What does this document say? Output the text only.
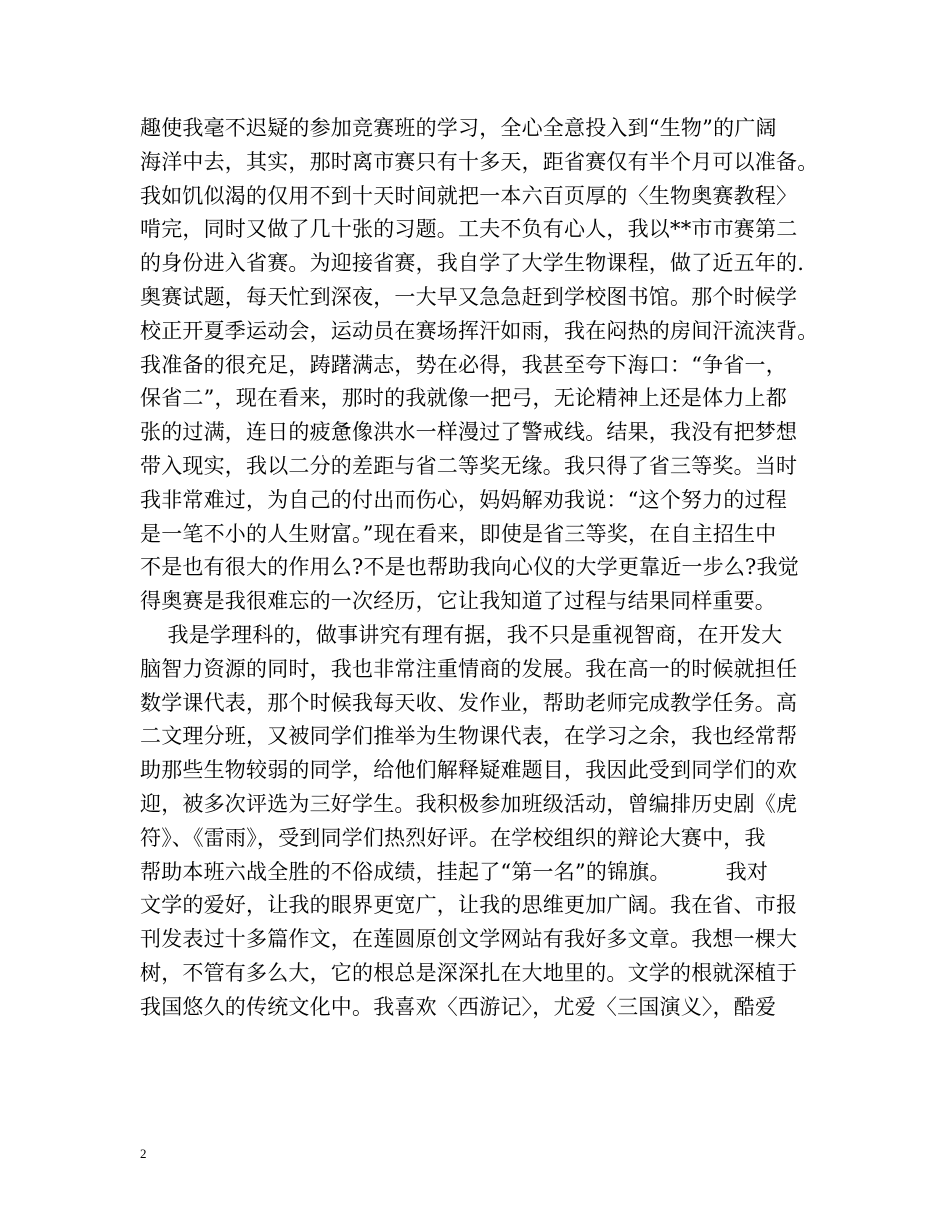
趣使我毫不迟疑的参加竞赛班的学习，全心全意投入到“生物”的广阔
海洋中去，其实，那时离市赛只有十多天，距省赛仅有半个月可以准备。
我如饥似渴的仅用不到十天时间就把一本六百页厚的〈生物奥赛教程〉
啃完，同时又做了几十张的习题。工夫不负有心人，我以**市市赛第二
的身份进入省赛。为迎接省赛，我自学了大学生物课程，做了近五年的.
奥赛试题，每天忙到深夜，一大早又急急赶到学校图书馆。那个时候学
校正开夏季运动会，运动员在赛场挥汗如雨，我在闷热的房间汗流浃背。
我准备的很充足，踌躇满志，势在必得，我甚至夸下海口：“争省一，
保省二”，现在看来，那时的我就像一把弓，无论精神上还是体力上都
张的过满，连日的疲惫像洪水一样漫过了警戒线。结果，我没有把梦想
带入现实，我以二分的差距与省二等奖无缘。我只得了省三等奖。当时
我非常难过，为自己的付出而伤心，妈妈解劝我说：“这个努力的过程
是一笔不小的人生财富。”现在看来，即使是省三等奖，在自主招生中
不是也有很大的作用么?不是也帮助我向心仪的大学更靠近一步么?我觉
得奥赛是我很难忘的一次经历，它让我知道了过程与结果同样重要。
我是学理科的，做事讲究有理有据，我不只是重视智商，在开发大
脑智力资源的同时，我也非常注重情商的发展。我在高一的时候就担任
数学课代表，那个时候我每天收、发作业，帮助老师完成教学任务。高
二文理分班，又被同学们推举为生物课代表，在学习之余，我也经常帮
助那些生物较弱的同学，给他们解释疑难题目，我因此受到同学们的欢
迎，被多次评选为三好学生。我积极参加班级活动，曾编排历史剧《虎
符》、《雷雨》，受到同学们热烈好评。在学校组织的辩论大赛中，我
帮助本班六战全胜的不俗成绩，挂起了“第一名”的锦旗。        我对
文学的爱好，让我的眼界更宽广，让我的思维更加广阔。我在省、市报
刊发表过十多篇作文，在莲圆原创文学网站有我好多文章。我想一棵大
树，不管有多么大，它的根总是深深扎在大地里的。文学的根就深植于
我国悠久的传统文化中。我喜欢〈西游记〉，尤爱〈三国演义〉，酷爱
2
